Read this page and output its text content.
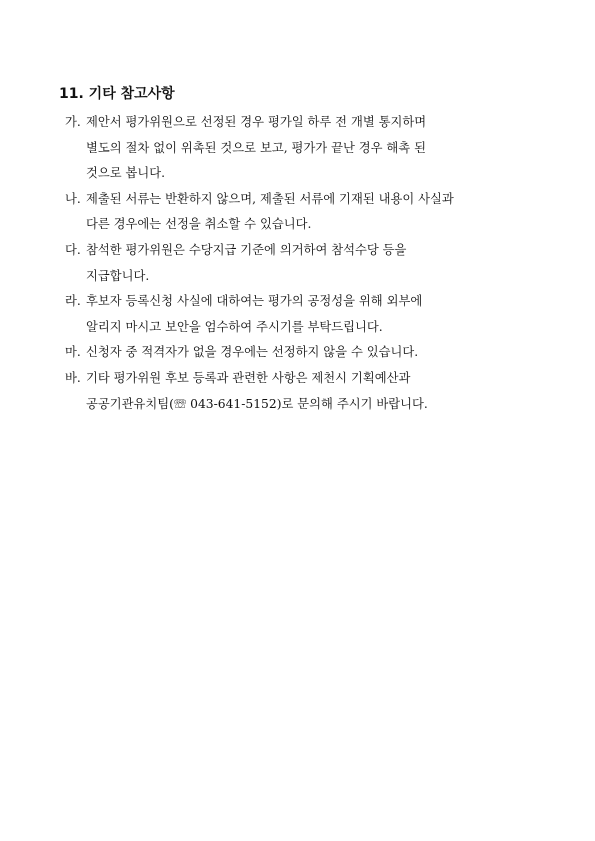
11. 기타 참고사항
가. 제안서 평가위원으로 선정된 경우 평가일 하루 전 개별 통지하며
별도의 절차 없이 위촉된 것으로 보고, 평가가 끝난 경우 해촉 된
것으로 봅니다.
나. 제출된 서류는 반환하지 않으며, 제출된 서류에 기재된 내용이 사실과
다른 경우에는 선정을 취소할 수 있습니다.
다. 참석한 평가위원은 수당지급 기준에 의거하여 참석수당 등을
지급합니다.
라. 후보자 등록신청 사실에 대하여는 평가의 공정성을 위해 외부에
알리지 마시고 보안을 엄수하여 주시기를 부탁드립니다.
마. 신청자 중 적격자가 없을 경우에는 선정하지 않을 수 있습니다.
바. 기타 평가위원 후보 등록과 관련한 사항은 제천시 기획예산과
공공기관유치팀(☏ 043-641-5152)로 문의해 주시기 바랍니다.
